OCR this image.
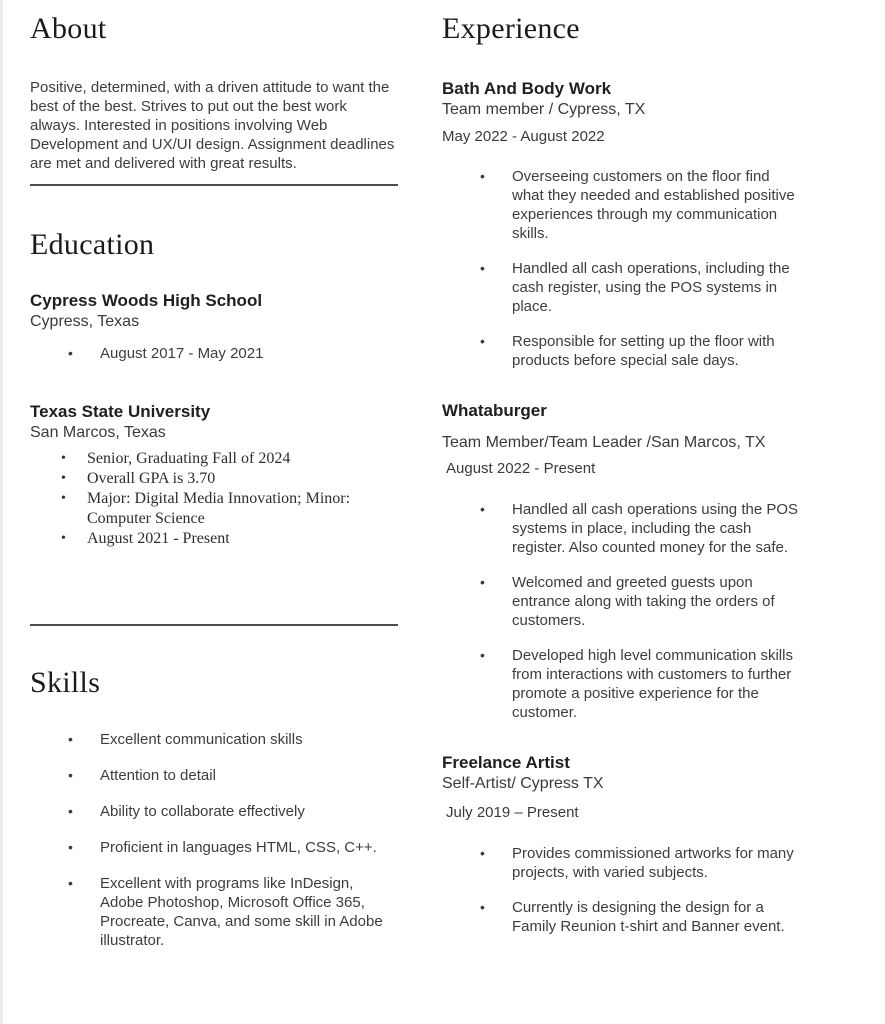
About

Positive, determined, with a driven attitude to want the best of the best. Strives to put out the best work always. Interested in positions involving Web Development and UX/UI design. Assignment deadlines are met and delivered with great results.

Education
Cypress Woods High School
Cypress, Texas
•	August 2017 - May 2021
Texas State University
San Marcos, Texas
•	Senior, Graduating Fall of 2024
•	Overall GPA is 3.70
•	Major: Digital Media Innovation; Minor: Computer Science
•	August 2021 - Present
Skills
•	Excellent communication skills
•	Attention to detail
•	Ability to collaborate effectively
•	Proficient in languages HTML, CSS, C++.
•	Excellent with programs like InDesign, Adobe Photoshop, Microsoft Office 365, Procreate, Canva, and some skill in Adobe illustrator.
Experience
Bath And Body Work
Team member / Cypress, TX
May 2022 - August 2022
•	Overseeing customers on the floor find what they needed and established positive experiences through my communication skills.
•	Handled all cash operations, including the cash register, using the POS systems in place.
•	Responsible for setting up the floor with products before special sale days.
Whataburger
Team Member/Team Leader /San Marcos, TX
August 2022 - Present
•	Handled all cash operations using the POS systems in place, including the cash register. Also counted money for the safe.
•	Welcomed and greeted guests upon entrance along with taking the orders of customers.
•	Developed high level communication skills from interactions with customers to further promote a positive experience for the customer.
Freelance Artist
Self-Artist/ Cypress TX
July 2019 – Present
•	Provides commissioned artworks for many projects, with varied subjects.
•	Currently is designing the design for a Family Reunion t-shirt and Banner event.
